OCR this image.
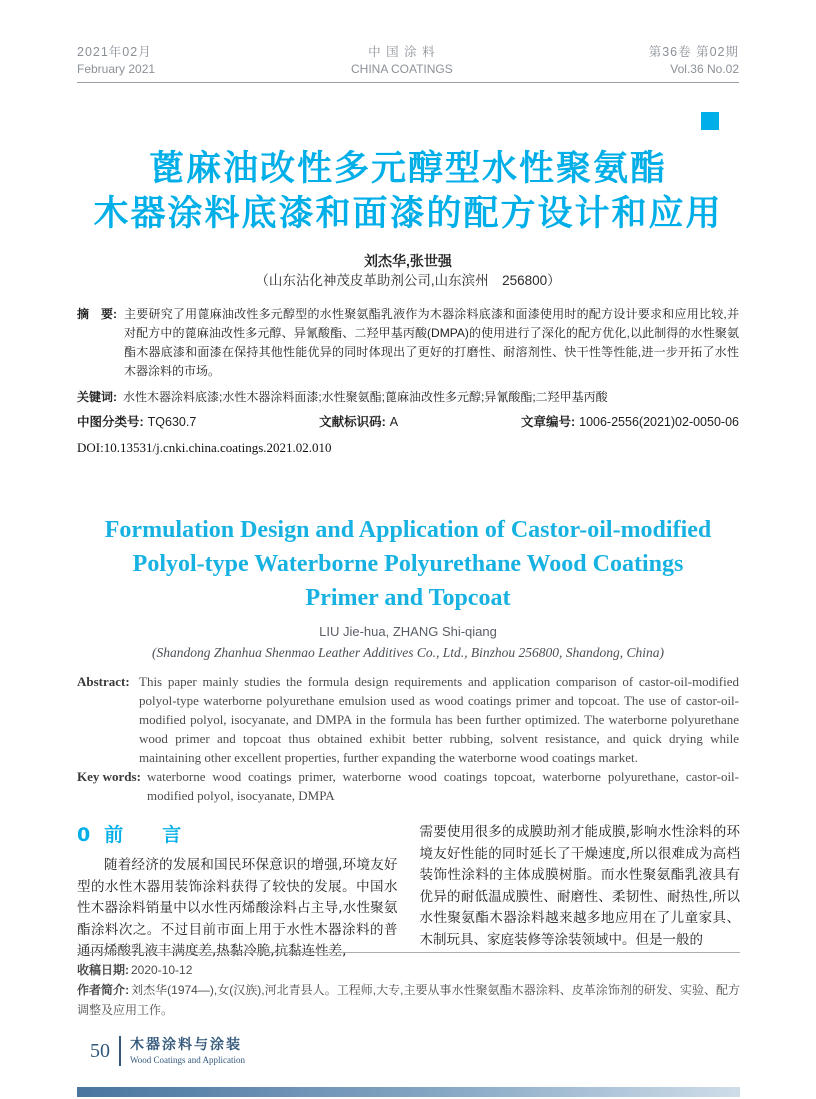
2021年02月
February 2021
中 国 涂 料
CHINA COATINGS
第36卷 第02期
Vol.36 No.02
蓖麻油改性多元醇型水性聚氨酯
木器涂料底漆和面漆的配方设计和应用
刘杰华,张世强
（山东沾化神茂皮革助剂公司,山东滨州　256800）
摘　要: 主要研究了用蓖麻油改性多元醇型的水性聚氨酯乳液作为木器涂料底漆和面漆使用时的配方设计要求和应用比较,并对配方中的蓖麻油改性多元醇、异氰酸酯、二羟甲基丙酸(DMPA)的使用进行了深化的配方优化,以此制得的水性聚氨酯木器底漆和面漆在保持其他性能优异的同时体现出了更好的打磨性、耐溶剂性、快干性等性能,进一步开拓了水性木器涂料的市场。
关键词: 水性木器涂料底漆;水性木器涂料面漆;水性聚氨酯;蓖麻油改性多元醇;异氰酸酯;二羟甲基丙酸
中图分类号: TQ630.7	文献标识码: A	文章编号: 1006-2556(2021)02-0050-06
DOI:10.13531/j.cnki.china.coatings.2021.02.010
Formulation Design and Application of Castor-oil-modified
Polyol-type Waterborne Polyurethane Wood Coatings
Primer and Topcoat
LIU Jie-hua, ZHANG Shi-qiang
(Shandong Zhanhua Shenmao Leather Additives Co., Ltd., Binzhou 256800, Shandong, China)
Abstract: This paper mainly studies the formula design requirements and application comparison of castor-oil-modified polyol-type waterborne polyurethane emulsion used as wood coatings primer and topcoat. The use of castor-oil-modified polyol, isocyanate, and DMPA in the formula has been further optimized. The waterborne polyurethane wood primer and topcoat thus obtained exhibit better rubbing, solvent resistance, and quick drying while maintaining other excellent properties, further expanding the waterborne wood coatings market.
Key words: waterborne wood coatings primer, waterborne wood coatings topcoat, waterborne polyurethane, castor-oil-modified polyol, isocyanate, DMPA
0 前　言

随着经济的发展和国民环保意识的增强,环境友好型的水性木器用装饰涂料获得了较快的发展。中国水性木器涂料销量中以水性丙烯酸涂料占主导,水性聚氨酯涂料次之。不过目前市面上用于水性木器涂料的普通丙烯酸乳液丰满度差,热黏冷脆,抗黏连性差,

需要使用很多的成膜助剂才能成膜,影响水性涂料的环境友好性能的同时延长了干燥速度,所以很难成为高档装饰性涂料的主体成膜树脂。而水性聚氨酯乳液具有优异的耐低温成膜性、耐磨性、柔韧性、耐热性,所以水性聚氨酯木器涂料越来越多地应用在了儿童家具、木制玩具、家庭装修等涂装领域中。但是一般的

收稿日期: 2020-10-12

作者简介: 刘杰华(1974—),女(汉族),河北青县人。工程师,大专,主要从事水性聚氨酯木器涂料、皮革涂饰剂的研发、实验、配方调整及应用工作。

50 木器涂料与涂装
Wood Coatings and Application
